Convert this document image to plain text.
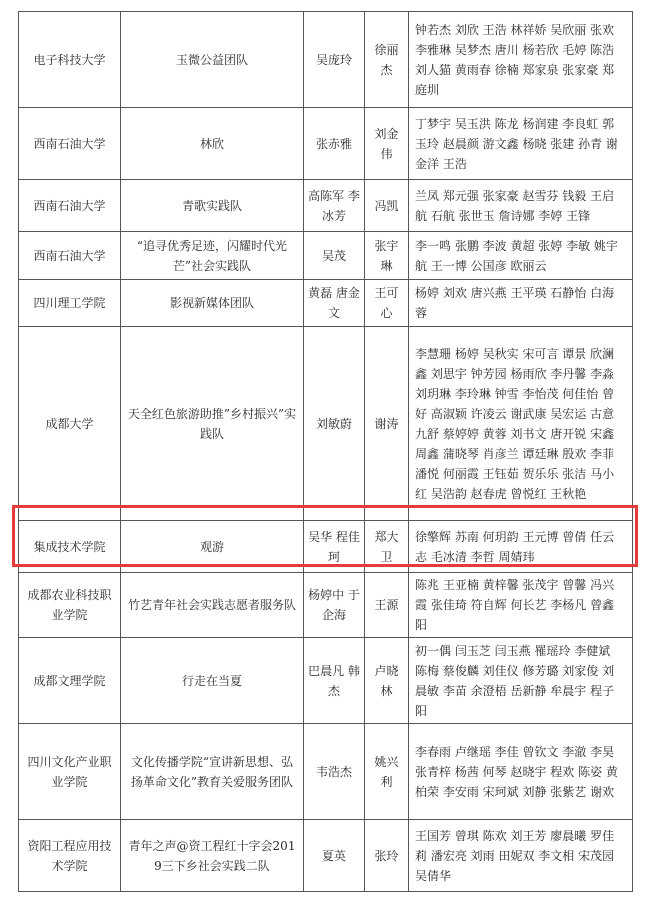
电子科技大学	玉微公益团队	吴庞玲	徐丽杰	钟若杰 刘欣 王浩 林祥娇 吴欣丽 张欢 李雅琳 吴梦杰 唐川 杨若欣 毛婷 陈浩 刘人猫 黄雨春 徐楠 郑家泉 张家豪 郑庭圳
西南石油大学	林欣	张赤雅	刘金伟	丁梦宇 吴玉洪 陈龙 杨润建 李良虹 郭玉玲 赵晨颜 游文鑫 杨晓 张建 孙青 谢金洋 王浩
西南石油大学	青歌实践队	高陈军 李冰芳	冯凯	兰凤 郑元强 张家豪 赵雪芬 钱毅 王启航 石航 张世玉 詹诗娜 李婷 王锋
西南石油大学	“追寻优秀足迹，闪耀时代光芒”社会实践队	吴茂	张宇琳	李一鸣 张鹏 李波 黄超 张婷 李敏 姚宇航 王一博 公国彦 欧丽云
四川理工学院	影视新媒体团队	黄磊 唐金文	王可心	杨婷 刘欢 唐兴燕 王平瑛 石静怡 白海蓉
成都大学	天全红色旅游助推”乡村振兴”实践队	刘敏蔚	谢涛	李慧珊 杨婷 吴秋实 宋可言 谭景 欣澜鑫 刘思宇 钟芳园 杨雨欣 李丹馨 李淼 刘玥琳 李玲琳 钟雪 李怡茂 何佳怡 曾好 高淑颖 许凌云 谢武康 吴宏运 古意 九舒 蔡婷婷 黄蓉 刘书文 唐开锐 宋鑫 周鑫 蒲晓琴 肖彦兰 谭廷琳 殷欢 李菲 潘悦 何丽霞 王钰茹 贺乐乐 张洁 马小红 吴浩韵 赵春虎 曾悦红 王秋艳
集成技术学院	观游	吴华 程佳珂	郑大卫	徐擎辉 苏南 何玥韵 王元博 曾倩 任云志 毛冰清 李哲 周婧玮
成都农业科技职业学院	竹艺青年社会实践志愿者服务队	杨婷中 于企海	王源	陈兆 王亚楠 黄梓馨 张茂宇 曾馨 冯兴霞 张佳琦 符自辉 何长艺 李杨凡 曾鑫阳
成都文理学院	行走在当夏	巴晨凡 韩杰	卢晓林	初一偶 闫玉芝 闫玉燕 罹瑶玲 李健斌 陈梅 蔡俊麟 刘佳仪 修芳璐 刘家俊 刘晨敏 李苗 余澄梧 岳新静 牟晨宇 程子阳
四川文化产业职业学院	文化传播学院“宣讲新思想、弘扬革命文化”教育关爱服务团队	韦浩杰	姚兴利	李春雨 卢继瑶 李佳 曾钦文 李澈 李昊 张青梓 杨茜 何琴 赵晓宇 程欢 陈姿 黄柏荣 李安雨 宋珂斌 刘静 张紫艺 谢欢
资阳工程应用技术学院	青年之声@资工程红十字会2019三下乡社会实践二队	夏英	张玲	王国芳 曾琪 陈欢 刘王芳 廖晨曦 罗佳莉 潘宏亮 刘雨 田妮双 李文相 宋茂园 吴倩华
